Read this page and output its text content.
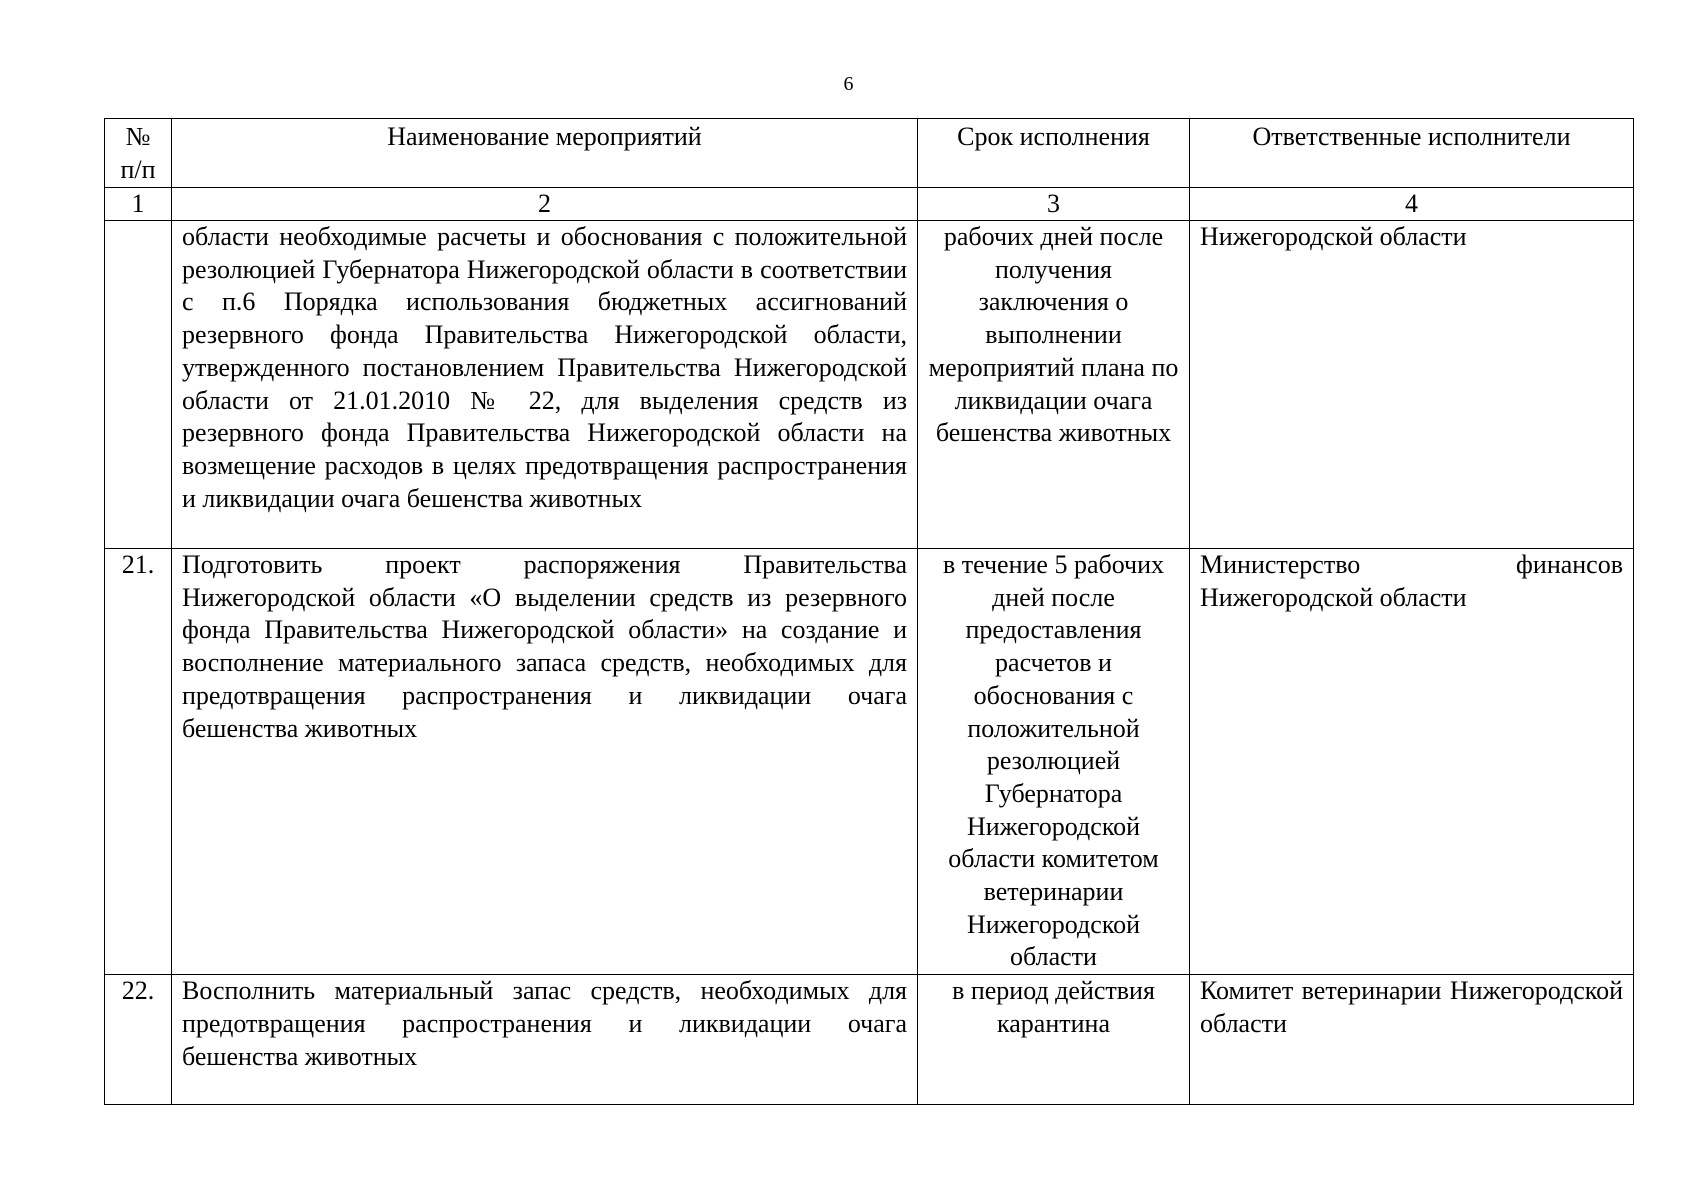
6
№ п/п	Наименование мероприятий	Срок исполнения	Ответственные исполнители
1	2	3	4
	области необходимые расчеты и обоснования с положительной резолюцией Губернатора Нижегородской области в соответствии с п.6 Порядка использования бюджетных ассигнований резервного фонда Правительства Нижегородской области, утвержденного постановлением Правительства Нижегородской области от 21.01.2010 № 22, для выделения средств из резервного фонда Правительства Нижегородской области на возмещение расходов в целях предотвращения распространения и ликвидации очага бешенства животных	рабочих дней после получения заключения о выполнении мероприятий плана по ликвидации очага бешенства животных	Нижегородской области
21.	Подготовить проект распоряжения Правительства Нижегородской области «О выделении средств из резервного фонда Правительства Нижегородской области» на создание и восполнение материального запаса средств, необходимых для предотвращения распространения и ликвидации очага бешенства животных	в течение 5 рабочих дней после предоставления расчетов и обоснования с положительной резолюцией Губернатора Нижегородской области комитетом ветеринарии Нижегородской области	Министерство финансов Нижегородской области
22.	Восполнить материальный запас средств, необходимых для предотвращения распространения и ликвидации очага бешенства животных	в период действия карантина	Комитет ветеринарии Нижегородской области
